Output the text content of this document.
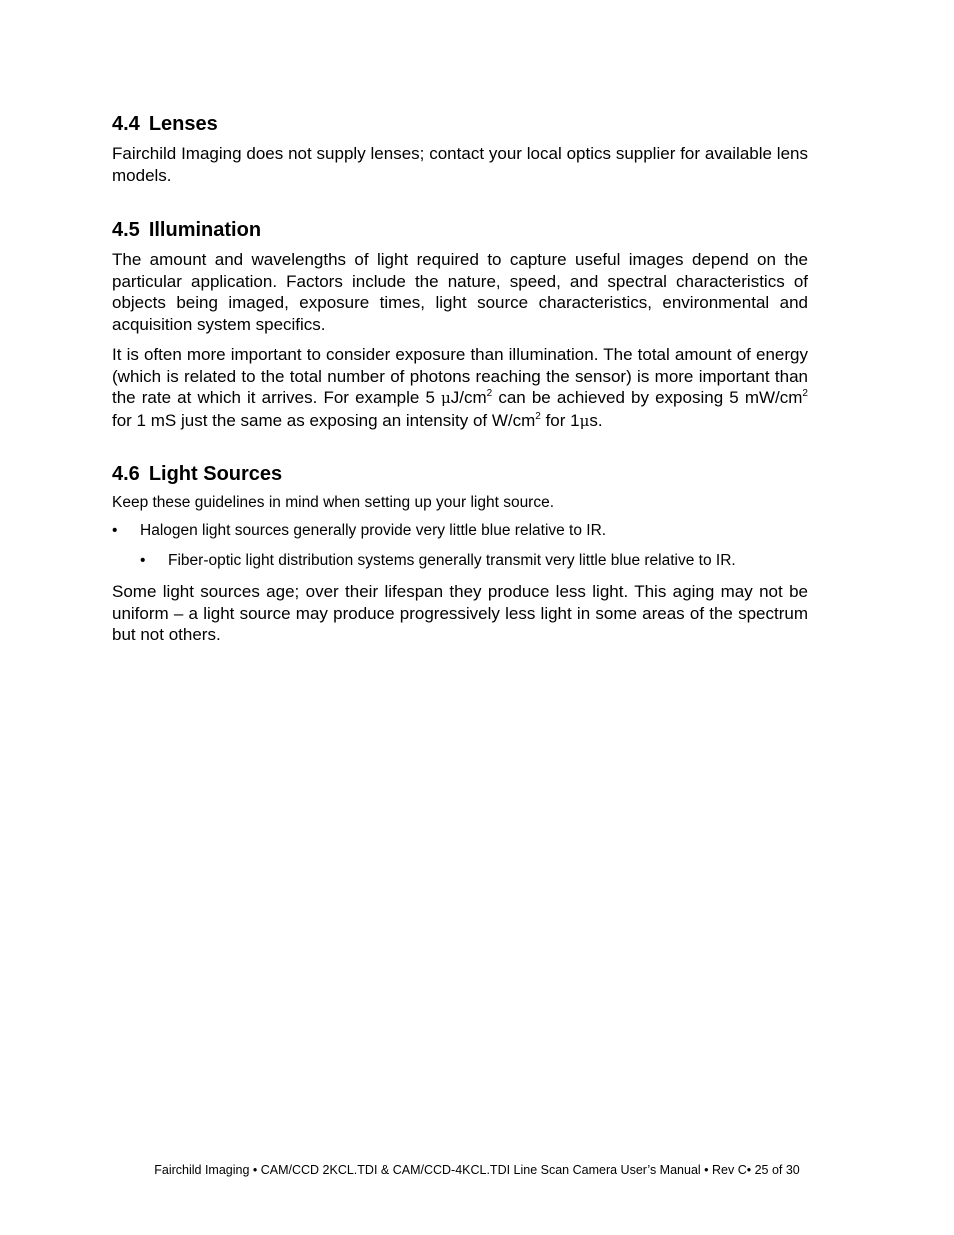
4.4 Lenses

Fairchild Imaging does not supply lenses; contact your local optics supplier for available lens models.

4.5 Illumination

The amount and wavelengths of light required to capture useful images depend on the particular application. Factors include the nature, speed, and spectral characteristics of objects being imaged, exposure times, light source characteristics, environmental and acquisition system specifics.

It is often more important to consider exposure than illumination. The total amount of energy (which is related to the total number of photons reaching the sensor) is more important than the rate at which it arrives. For example 5 $\mu J/cm^2$ can be achieved by exposing 5 $mW/cm^2$ for 1 mS just the same as exposing an intensity of $W/cm^2$ for 1μs.

4.6 Light Sources

Keep these guidelines in mind when setting up your light source.

• Halogen light sources generally provide very little blue relative to IR.
• Fiber-optic light distribution systems generally transmit very little blue relative to IR.

Some light sources age; over their lifespan they produce less light. This aging may not be uniform – a light source may produce progressively less light in some areas of the spectrum but not others.

Fairchild Imaging • CAM/CCD 2KCL.TDI & CAM/CCD-4KCL.TDI Line Scan Camera User’s Manual • Rev C• 25 of 30
